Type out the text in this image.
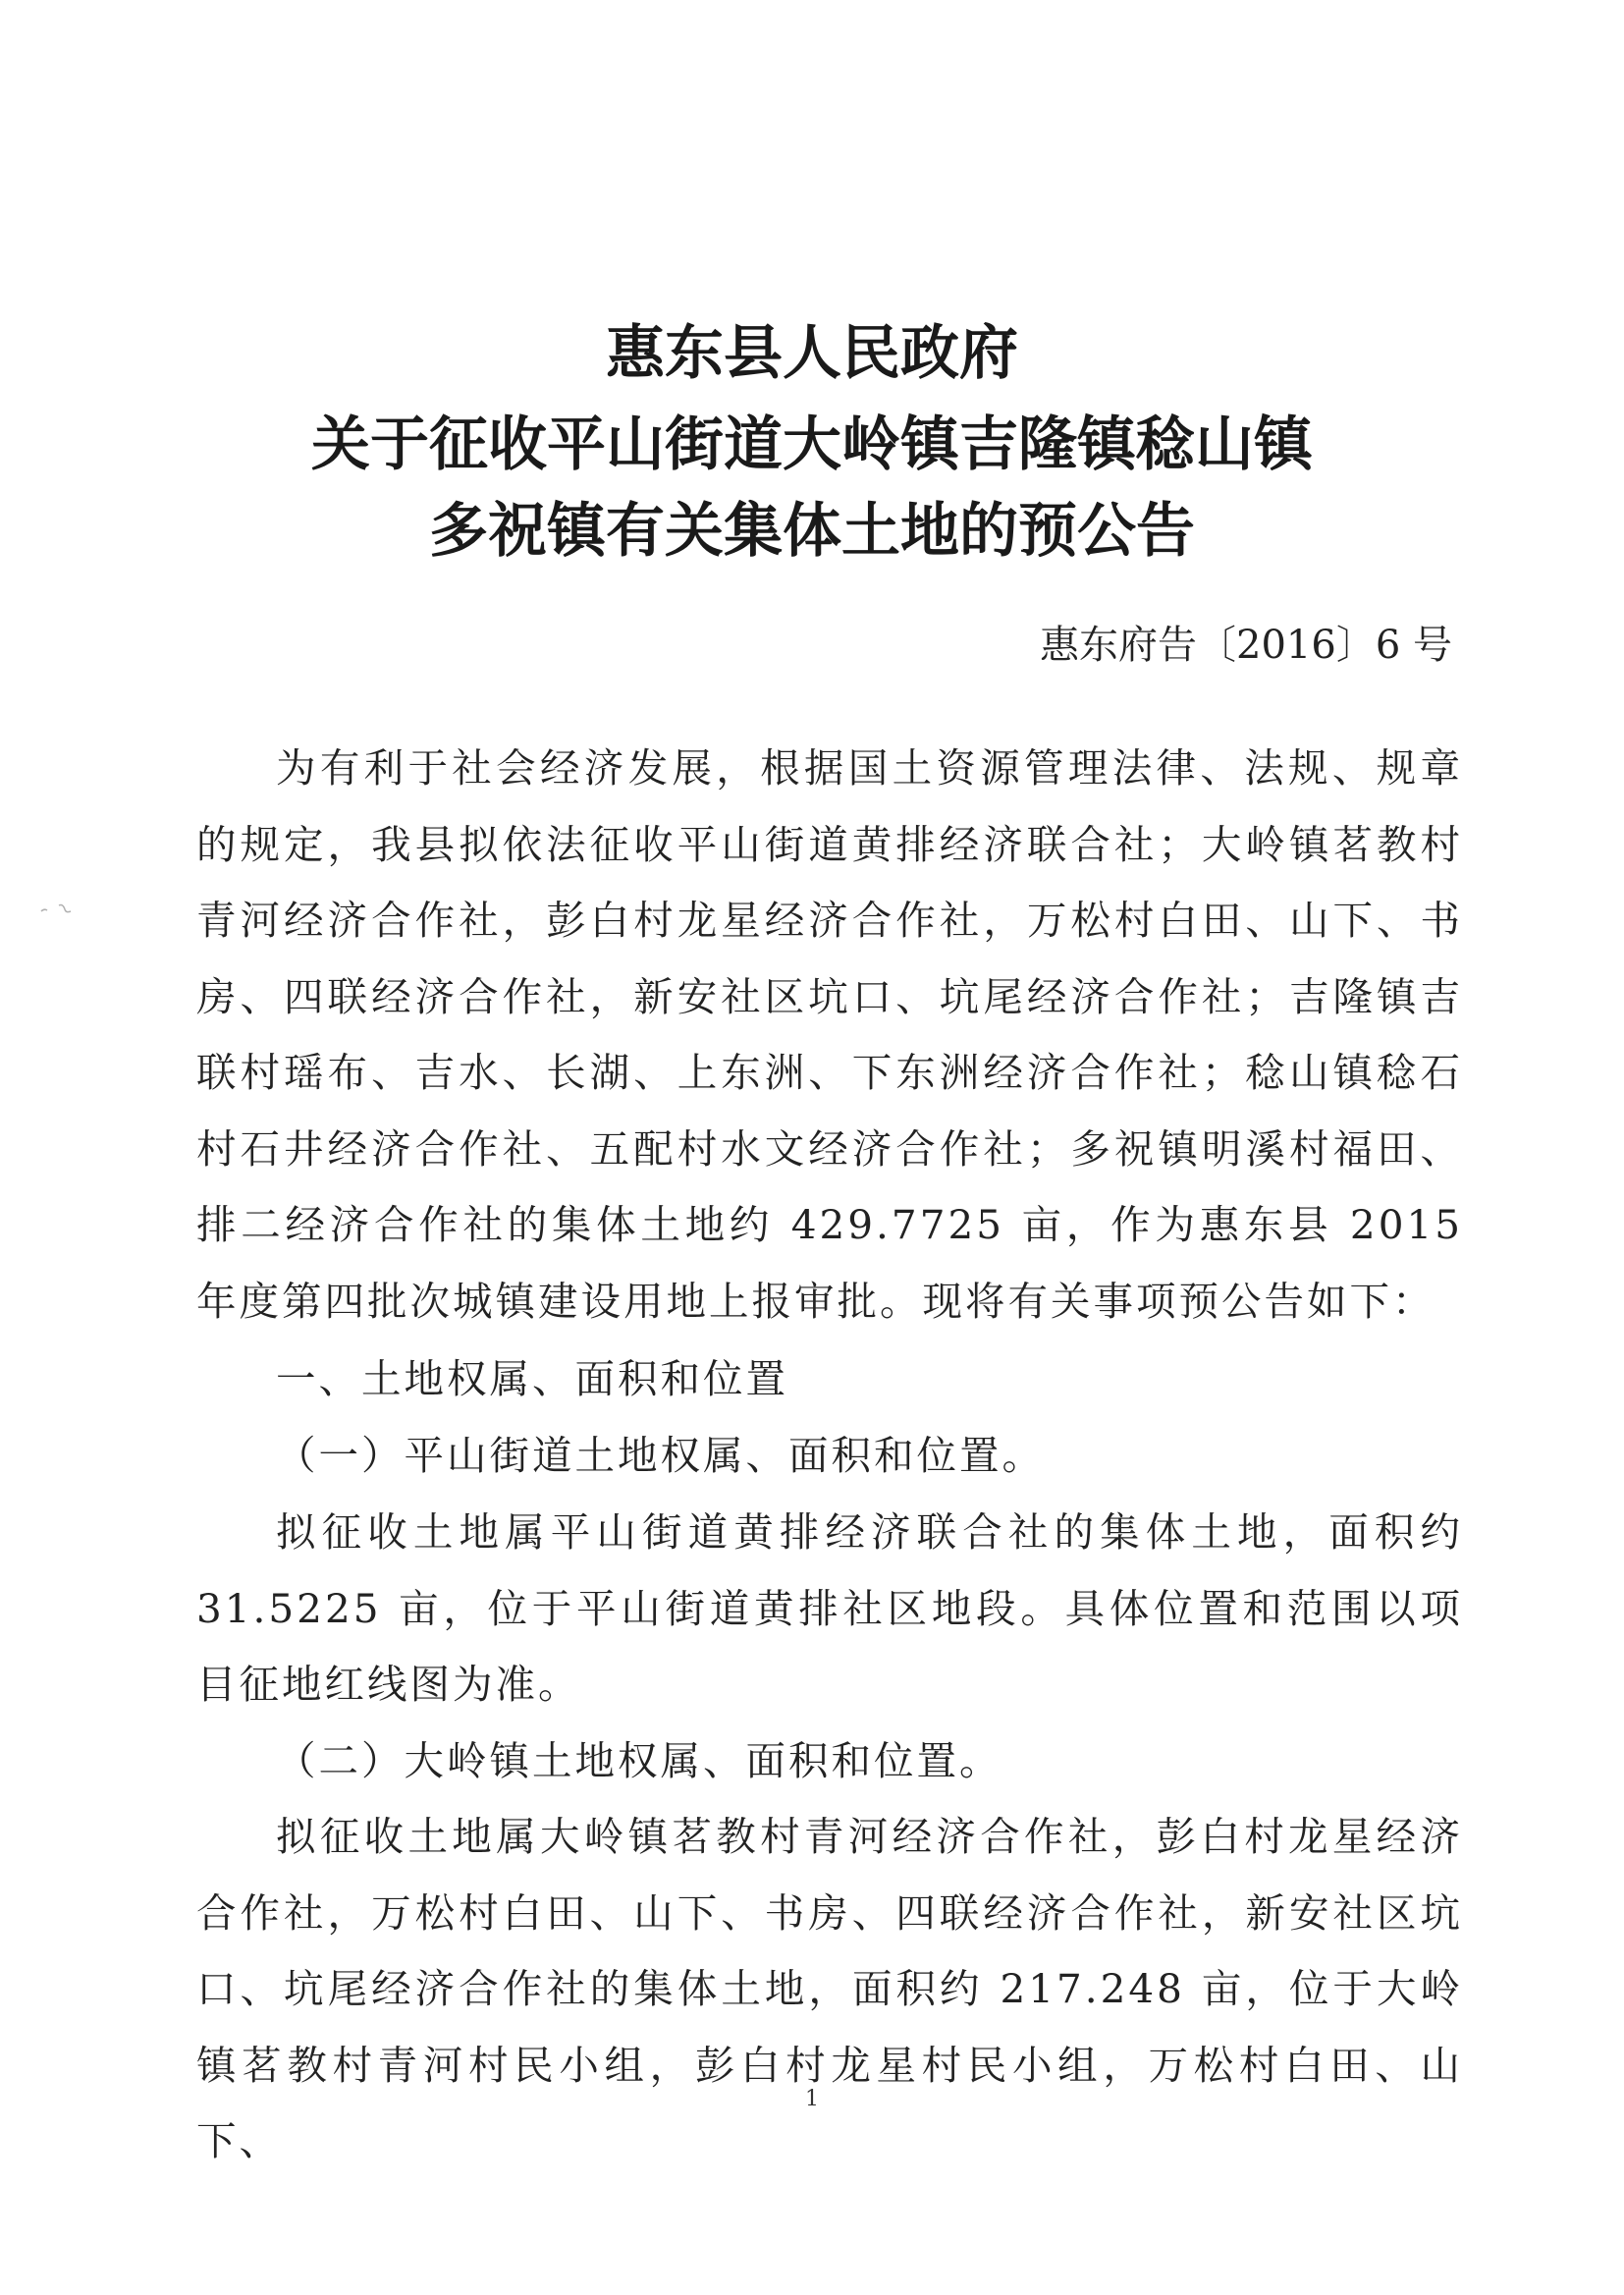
惠东县人民政府
关于征收平山街道大岭镇吉隆镇稔山镇
多祝镇有关集体土地的预公告
惠东府告〔2016〕6 号

为有利于社会经济发展，根据国土资源管理法律、法规、规章的规定，我县拟依法征收平山街道黄排经济联合社；大岭镇茗教村青河经济合作社，彭白村龙星经济合作社，万松村白田、山下、书房、四联经济合作社，新安社区坑口、坑尾经济合作社；吉隆镇吉联村瑶布、吉水、长湖、上东洲、下东洲经济合作社；稔山镇稔石村石井经济合作社、五配村水文经济合作社；多祝镇明溪村福田、排二经济合作社的集体土地约 429.7725 亩，作为惠东县 2015 年度第四批次城镇建设用地上报审批。现将有关事项预公告如下：

一、土地权属、面积和位置

（一）平山街道土地权属、面积和位置。

拟征收土地属平山街道黄排经济联合社的集体土地，面积约 31.5225 亩，位于平山街道黄排社区地段。具体位置和范围以项目征地红线图为准。

（二）大岭镇土地权属、面积和位置。

拟征收土地属大岭镇茗教村青河经济合作社，彭白村龙星经济合作社，万松村白田、山下、书房、四联经济合作社，新安社区坑口、坑尾经济合作社的集体土地，面积约 217.248 亩，位于大岭镇茗教村青河村民小组，彭白村龙星村民小组，万松村白田、山下、

1
